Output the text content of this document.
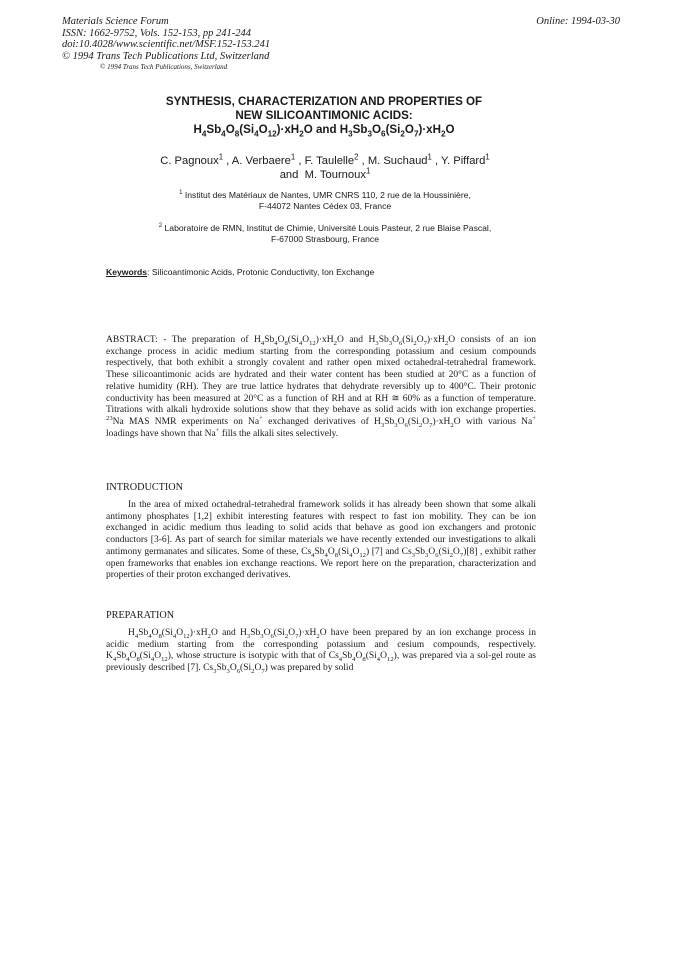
Materials Science Forum
ISSN: 1662-9752, Vols. 152-153, pp 241-244
doi:10.4028/www.scientific.net/MSF.152-153.241
© 1994 Trans Tech Publications Ltd, Switzerland
© 1994 Trans Tech Publications, Switzerland
Online: 1994-03-30
SYNTHESIS, CHARACTERIZATION AND PROPERTIES OF
NEW SILICOANTIMONIC ACIDS:
$H_4Sb_4O_8(Si_4O_{12})\cdot xH_2O$ and $H_3Sb_3O_6(Si_2O_7)\cdot xH_2O$
C. Pagnoux$^1$ , A. Verbaere$^1$ , F. Taulelle$^2$ , M. Suchaud$^1$ , Y. Piffard$^1$
and M. Tournoux$^1$
$^1$ Institut des Matériaux de Nantes, UMR CNRS 110, 2 rue de la Houssinière,
F-44072 Nantes Cédex 03, France
$^2$ Laboratoire de RMN, Institut de Chimie, Université Louis Pasteur, 2 rue Blaise Pascal,
F-67000 Strasbourg, France
Keywords: Silicoantimonic Acids, Protonic Conductivity, Ion Exchange

ABSTRACT: - The preparation of $H_4Sb_4O_8(Si_4O_{12})\cdot xH_2O$ and $H_3Sb_3O_6(Si_2O_7)\cdot xH_2O$ consists of an ion exchange process in acidic medium starting from the corresponding potassium and cesium compounds respectively, that both exhibit a strongly covalent and rather open mixed octahedral-tetrahedral framework. These silicoantimonic acids are hydrated and their water content has been studied at 20°C as a function of relative humidity (RH). They are true lattice hydrates that dehydrate reversibly up to 400°C. Their protonic conductivity has been measured at 20°C as a function of RH and at RH ≅ 60% as a function of temperature. Titrations with alkali hydroxide solutions show that they behave as solid acids with ion exchange properties. $^{23}$Na MAS NMR experiments on Na+ exchanged derivatives of $H_3Sb_3O_6(Si_2O_7)\cdot xH_2O$ with various Na+ loadings have shown that Na+ fills the alkali sites selectively.

INTRODUCTION

In the area of mixed octahedral-tetrahedral framework solids it has already been shown that some alkali antimony phosphates [1,2] exhibit interesting features with respect to fast ion mobility. They can be ion exchanged in acidic medium thus leading to solid acids that behave as good ion exchangers and protonic conductors [3-6]. As part of search for similar materials we have recently extended our investigations to alkali antimony germanates and silicates. Some of these, $Cs_4Sb_4O_8(Si_4O_{12})$ [7] and $Cs_3Sb_3O_6(Si_2O_7)[8]$ , exhibit rather open frameworks that enables ion exchange reactions. We report here on the preparation, characterization and properties of their proton exchanged derivatives.

PREPARATION

$H_4Sb_4O_8(Si_4O_{12})\cdot xH_2O$ and $H_3Sb_3O_6(Si_2O_7)\cdot xH_2O$ have been prepared by an ion exchange process in acidic medium starting from the corresponding potassium and cesium compounds, respectively. $K_4Sb_4O_8(Si_4O_{12})$, whose structure is isotypic with that of $Cs_4Sb_4O_8(Si_4O_{12})$, was prepared via a sol-gel route as previously described [7]. $Cs_3Sb_3O_6(Si_2O_7)$ was prepared by solid
